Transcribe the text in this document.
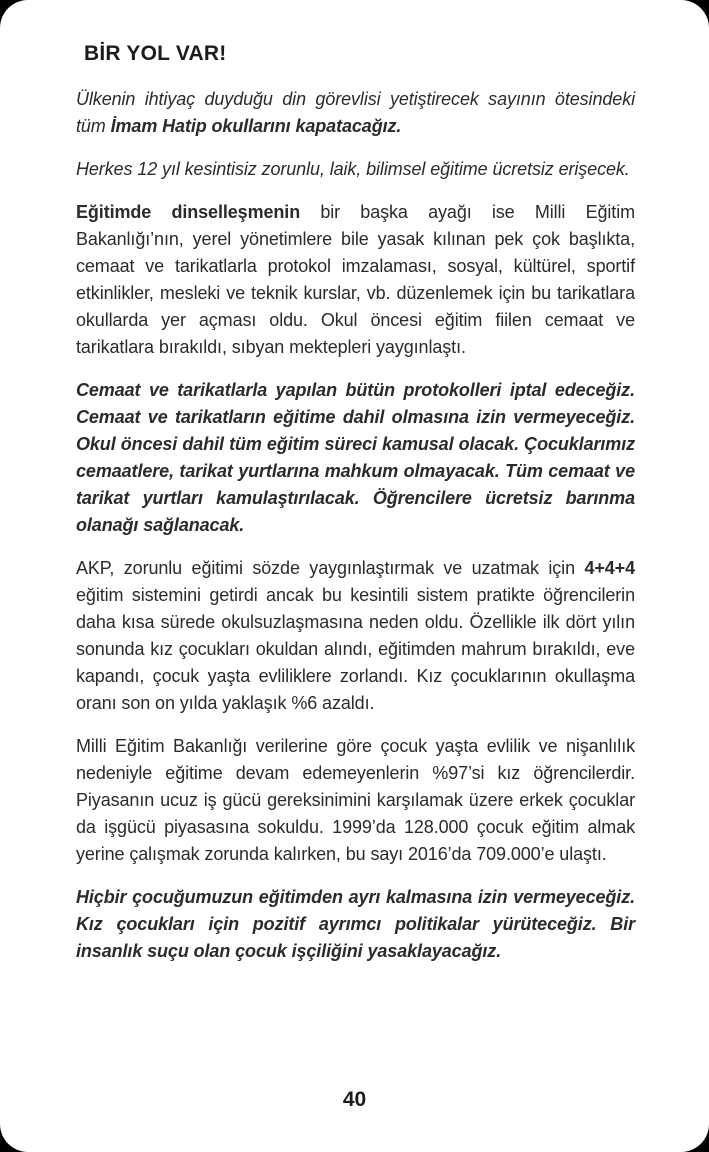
BİR YOL VAR!

Ülkenin ihtiyaç duyduğu din görevlisi yetiştirecek sayının ötesindeki tüm İmam Hatip okullarını kapatacağız.

Herkes 12 yıl kesintisiz zorunlu, laik, bilimsel eğitime ücretsiz erişecek.

Eğitimde dinselleşmenin bir başka ayağı ise Milli Eğitim Bakanlığı’nın, yerel yönetimlere bile yasak kılınan pek çok başlıkta, cemaat ve tarikatlarla protokol imzalaması, sosyal, kültürel, sportif etkinlikler, mesleki ve teknik kurslar, vb. düzenlemek için bu tarikatlara okullarda yer açması oldu. Okul öncesi eğitim fiilen cemaat ve tarikatlara bırakıldı, sıbyan mektepleri yaygınlaştı.

Cemaat ve tarikatlarla yapılan bütün protokolleri iptal edeceğiz. Cemaat ve tarikatların eğitime dahil olmasına izin vermeyeceğiz. Okul öncesi dahil tüm eğitim süreci kamusal olacak. Çocuklarımız cemaatlere, tarikat yurtlarına mahkum olmayacak. Tüm cemaat ve tarikat yurtları kamulaştırılacak. Öğrencilere ücretsiz barınma olanağı sağlanacak.

AKP, zorunlu eğitimi sözde yaygınlaştırmak ve uzatmak için 4+4+4 eğitim sistemini getirdi ancak bu kesintili sistem pratikte öğrencilerin daha kısa sürede okulsuzlaşmasına neden oldu. Özellikle ilk dört yılın sonunda kız çocukları okuldan alındı, eğitimden mahrum bırakıldı, eve kapandı, çocuk yaşta evliliklere zorlandı. Kız çocuklarının okullaşma oranı son on yılda yaklaşık %6 azaldı.

Milli Eğitim Bakanlığı verilerine göre çocuk yaşta evlilik ve nişanlılık nedeniyle eğitime devam edemeyenlerin %97’si kız öğrencilerdir. Piyasanın ucuz iş gücü gereksinimini karşılamak üzere erkek çocuklar da işgücü piyasasına sokuldu. 1999’da 128.000 çocuk eğitim almak yerine çalışmak zorunda kalırken, bu sayı 2016’da 709.000’e ulaştı.

Hiçbir çocuğumuzun eğitimden ayrı kalmasına izin vermeyeceğiz. Kız çocukları için pozitif ayrımcı politikalar yürüteceğiz. Bir insanlık suçu olan çocuk işçiliğini yasaklayacağız.

40
